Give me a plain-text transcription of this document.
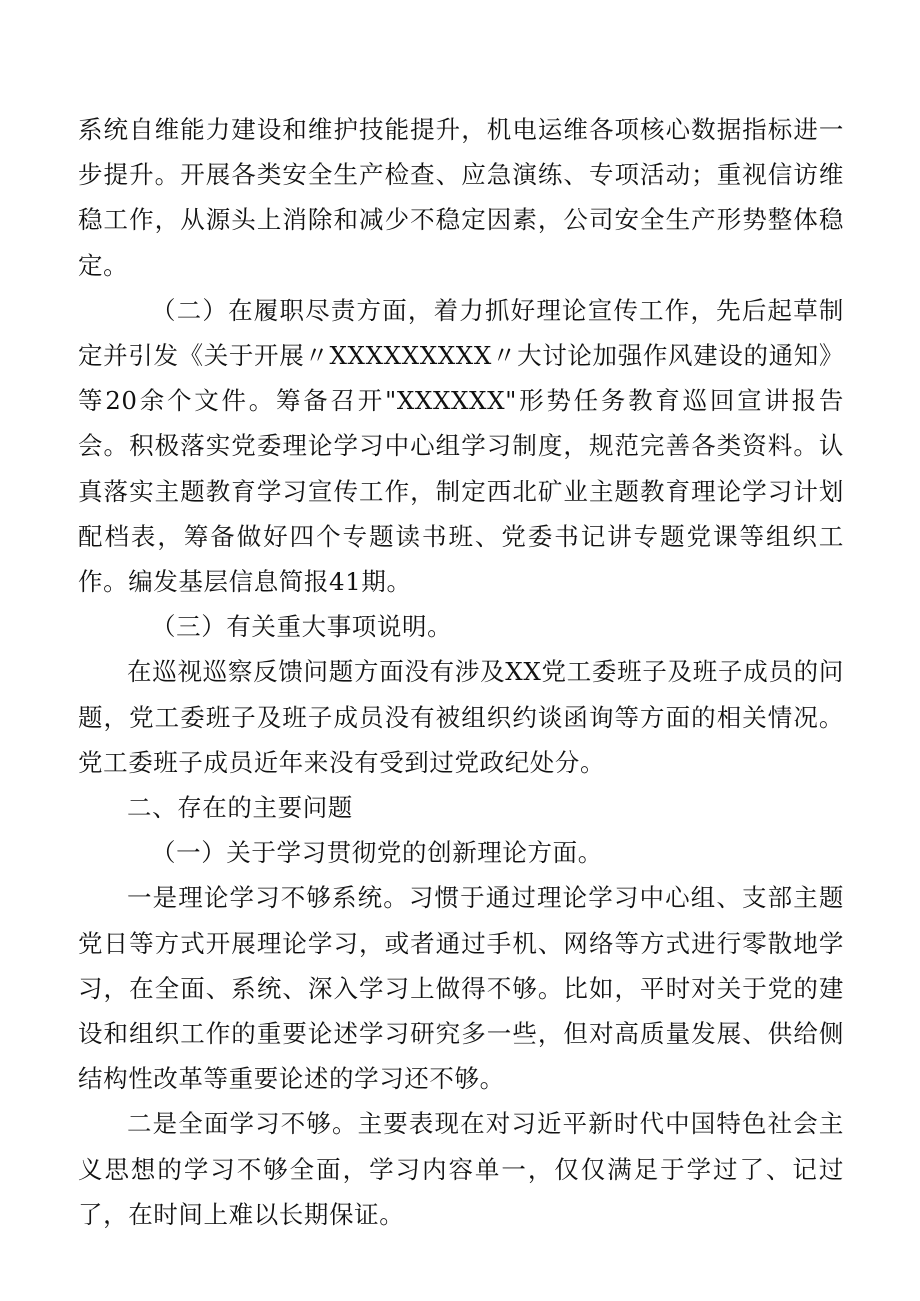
系统自维能力建设和维护技能提升，机电运维各项核心数据指标进一步提升。开展各类安全生产检查、应急演练、专项活动；重视信访维稳工作，从源头上消除和减少不稳定因素，公司安全生产形势整体稳定。

（二）在履职尽责方面，着力抓好理论宣传工作，先后起草制定并引发《关于开展〃XXXXXXXXX〃大讨论加强作风建设的通知》等20余个文件。筹备召开"XXXXXX"形势任务教育巡回宣讲报告会。积极落实党委理论学习中心组学习制度，规范完善各类资料。认真落实主题教育学习宣传工作，制定西北矿业主题教育理论学习计划配档表，筹备做好四个专题读书班、党委书记讲专题党课等组织工作。编发基层信息简报41期。

（三）有关重大事项说明。

在巡视巡察反馈问题方面没有涉及XX党工委班子及班子成员的问题，党工委班子及班子成员没有被组织约谈函询等方面的相关情况。党工委班子成员近年来没有受到过党政纪处分。

二、存在的主要问题

（一）关于学习贯彻党的创新理论方面。

一是理论学习不够系统。习惯于通过理论学习中心组、支部主题党日等方式开展理论学习，或者通过手机、网络等方式进行零散地学习，在全面、系统、深入学习上做得不够。比如，平时对关于党的建设和组织工作的重要论述学习研究多一些，但对高质量发展、供给侧结构性改革等重要论述的学习还不够。

二是全面学习不够。主要表现在对习近平新时代中国特色社会主义思想的学习不够全面，学习内容单一，仅仅满足于学过了、记过了，在时间上难以长期保证。
